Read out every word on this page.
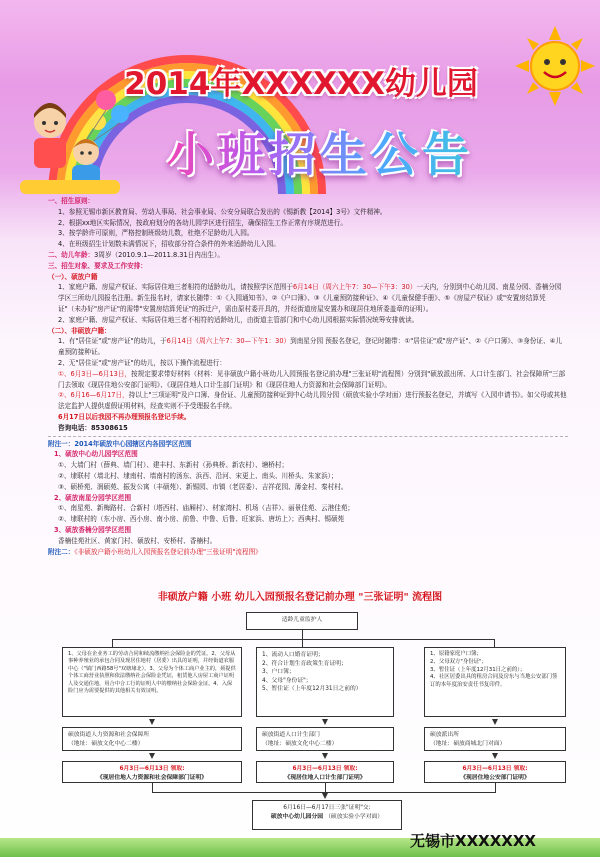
2014年XXXXXX幼儿园
小班招生公告

一、招生原则：

1、参照无锡市新区教育局、劳动人事局、社会事业局、公安分局联合发出的《锡新教【2014】3号》文件精神。

2、根据xx地区实际情况，按政府划分的各幼儿园学区进行招生，确保招生工作正常有序规范进行。

3、按学龄许可原则，严格控制班级幼儿数，杜绝不足龄幼儿入园。

4、在班级招生计划数未满情况下，招收部分符合条件的外来适龄幼儿入园。

二、幼儿年龄：3周岁（2010.9.1—2011.8.31日内出生）。

三、招生对象、要求及工作安排：

（一）、硕放户籍

1、家庭户籍、房屋产权证、实际居住地三者相符的适龄幼儿，请按照学区范围于6月14日（周六上午7：30—下午3：30）一天内，分别到中心幼儿园、南星分园、香楠分园学区三所幼儿园报名注册。新生报名时，请家长随带：①《入园通知书》、②《户口簿》、③《儿童预防接种证》、④《儿童保健手册》、⑤《房屋产权证》或"安置房结算凭证"（未办好"房产证"的需带"安置房结算凭证"的拆迁户，需由原村委开具的，并经街道房屋安置办和现居住地所委盖章的证明）。

2、家庭户籍、房屋产权证、实际居住地三者不相符的适龄幼儿，由街道主管部门和中心幼儿园根据实际情况统筹安排就读。

（二）、非硕放户籍：

1、有"居住证"或"房产证"的幼儿，于6月14日（周六上午7：30—下午1：30）到南星分园 预报名登记，登记时随带：①"居住证"或"房产证"、②《户口簿》、③身份证、④儿童预防接种证。

2、无"居住证"或"房产证"的幼儿，按以下操作流程进行：

①、6月3日—6月13日，按规定要求带好材料（材料：见非硕放户籍小班幼儿入园预报名登记前办理"三张证明"流程图）分别到"硕放派出所、人口计生部门、社会保障所"三部门去领取《现居住地公安部门证明》、《现居住地人口计生部门证明》和《现居住地人力资源和社会保障部门证明》。

②、6月16—6月17日，持以上"三项证明"及户口簿、身份证、儿童预防接种证到中心幼儿园分园（硕放实验小学对面）进行预报名登记，并填写《入园申请书》。如父母或其他法定监护人提供虚假证明材料，经查实则不予受理报名手续。

6月17日以后我园不再办理预报名登记手续。

咨询电话：85308615

附注一：2014年硕放中心园辖区内各园学区范围

1、硕放中心幼儿园学区范围

①、大墙门村（薛典、墙门村）、建丰村、东新村（孙典桥、新农村）、塘桥村；

②、埭联村（墙北村、埭南村、墙南村的汤东、浜西、沿河、宋更上、南头、川桥头、朱家浜）；

③、硕桥苑、润硕苑、振发公寓（丰硕苑）、新锡园、市镇（老居委）、吉祥花园、薄金村、秦村村。

2、硕放南星分园学区范围

①、南星苑、新梅路村、合新村（塔西村、庙厢村）、材家湾村、机场（吉祥）、丽景佳苑、云港佳苑；

②、埭联村的（东小房、西小房、南小房、前鲁、中鲁、后鲁、旺家浜、唐坊上）；西典村、锡硕苑

3、硕放香楠分园学区范围

香楠佳苑社区、黄家门村、硕放村、安桥村、香楠村。

附注二：《非硕放户籍小班幼儿入园预报名登记前办理"三张证明"流程图》

非硕放户籍 小班 幼儿入园预报名登记前办理 "三张证明" 流程图
适龄儿童监护人
1、父母在企业务工的劳动合同和续流缴纳社会保险金的凭证。2、父母从事种养殖业的承包合同及现居住地村（居委）出具的证明，并经街道农服中心（"镇门西路58号"双塘埭北）。3、父母为个体工商户业主的，须提供个体工商营业执照和依法缴纳社会保险金凭证，租赁他人房屋工商户证明人及交通住地，用合中合工行的证明人中的缴纳社会保险金证。4、入保险门应为需要提供的其他相关有效证明。
1、流动人口婚育证明；
2、符合计划生育政策生育证明；
3、户口簿；
4、父母"身份证"；
5、暂住证（上年度12月31日之前的）
1、原籍家庭户口簿；
2、父母双方"身份证"；
3、暂住证（上年度12月31日之前的）；
4、社区居委出具的租房合同及房东与当地公安部门签订的本年度治安责任书复印件。
硕放街道人力资源和社会保障所
（地址：硕放文化中心二楼）
硕放街道人口计生部门
（地址：硕放文化中心二楼）
硕放派出所
（地址：硕放商城北门对面）
6月3日—6月13日 领取:
《现居住地人力资源和社会保障部门证明》
6月3日—6月13日 领取:
《现居住地人口计生部门证明》
6月3日—6月13日 领取:
《现居住地公安部门证明》
6月16日—6月17日三张"证明"交:
硕放中心幼儿园分园 （硕放实验小学对面）
无锡市XXXXXXX
